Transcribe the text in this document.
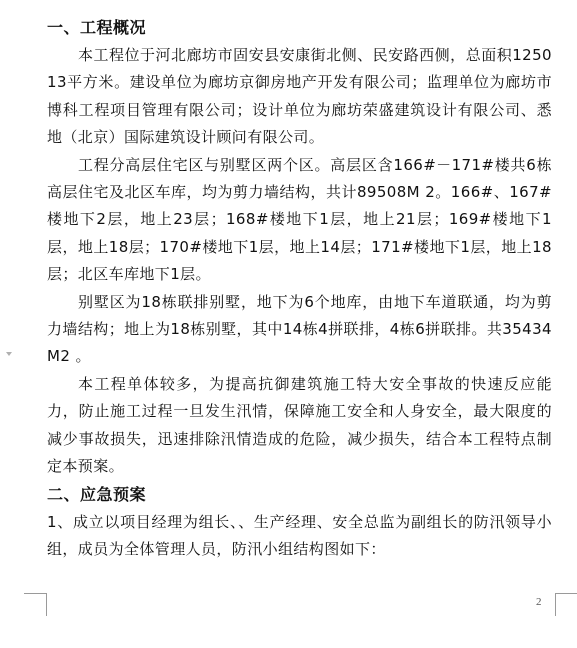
一、工程概况

本工程位于河北廊坊市固安县安康街北侧、民安路西侧，总面积125013平方米。建设单位为廊坊京御房地产开发有限公司；监理单位为廊坊市博科工程项目管理有限公司；设计单位为廊坊荣盛建筑设计有限公司、悉地（北京）国际建筑设计顾问有限公司。

工程分高层住宅区与别墅区两个区。高层区含166#－171#楼共6栋高层住宅及北区车库，均为剪力墙结构，共计89508M 2。166#、167#楼地下2层，地上23层；168#楼地下1层，地上21层；169#楼地下1层，地上18层；170#楼地下1层，地上14层；171#楼地下1层，地上18层；北区车库地下1层。

别墅区为18栋联排别墅，地下为6个地库，由地下车道联通，均为剪力墙结构；地上为18栋别墅，其中14栋4拼联排，4栋6拼联排。共35434M2 。

本工程单体较多，为提高抗御建筑施工特大安全事故的快速反应能力，防止施工过程一旦发生汛情，保障施工安全和人身安全，最大限度的减少事故损失，迅速排除汛情造成的危险，减少损失，结合本工程特点制定本预案。

二、应急预案

1、成立以项目经理为组长、、生产经理、安全总监为副组长的防汛领导小组，成员为全体管理人员，防汛小组结构图如下：

2
